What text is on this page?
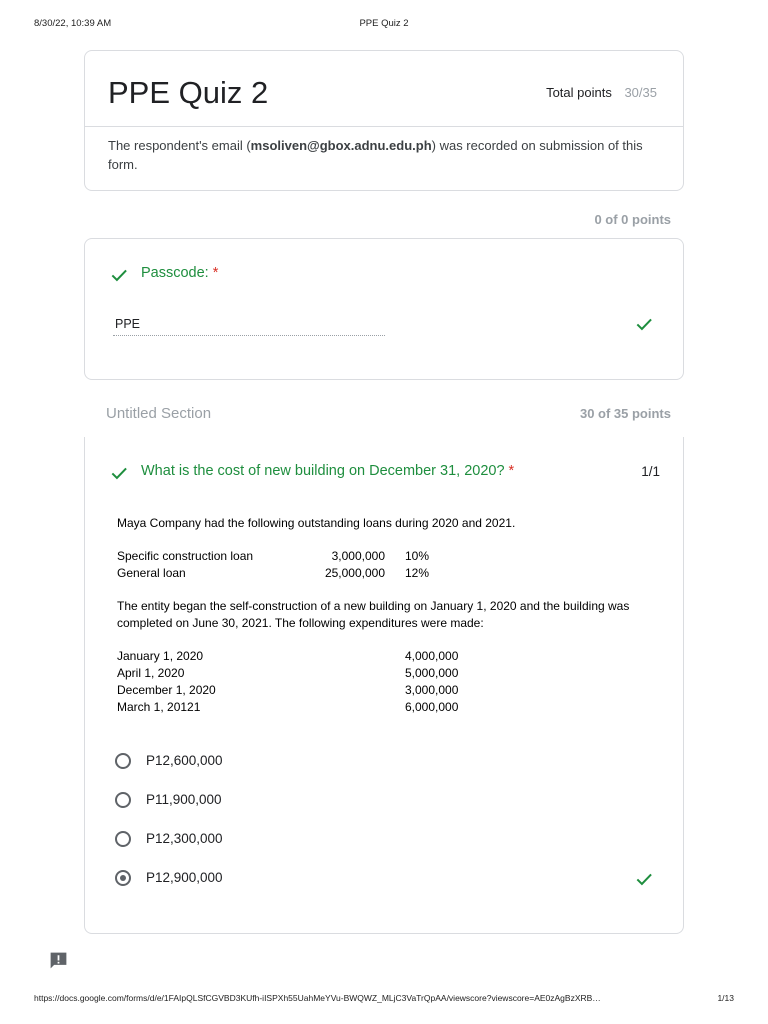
8/30/22, 10:39 AM	PPE Quiz 2
PPE Quiz 2	Total points 30/35
The respondent's email (msoliven@gbox.adnu.edu.ph) was recorded on submission of this form.
0 of 0 points
Passcode: *
PPE
Untitled Section	30 of 35 points
What is the cost of new building on December 31, 2020? *	1/1

Maya Company had the following outstanding loans during 2020 and 2021.

Specific construction loan	3,000,000	10%
General loan	25,000,000	12%

The entity began the self-construction of a new building on January 1, 2020 and the building was completed on June 30, 2021. The following expenditures were made:

January 1, 2020	4,000,000
April 1, 2020	5,000,000
December 1, 2020	3,000,000
March 1, 20121	6,000,000
P12,600,000
P11,900,000
P12,300,000
P12,900,000
https://docs.google.com/forms/d/e/1FAIpQLSfCGVBD3KUfh-iISPXh55UahMeYVu-BWQWZ_MLjC3VaTrQpAA/viewscore?viewscore=AE0zAgBzXRB…	1/13
